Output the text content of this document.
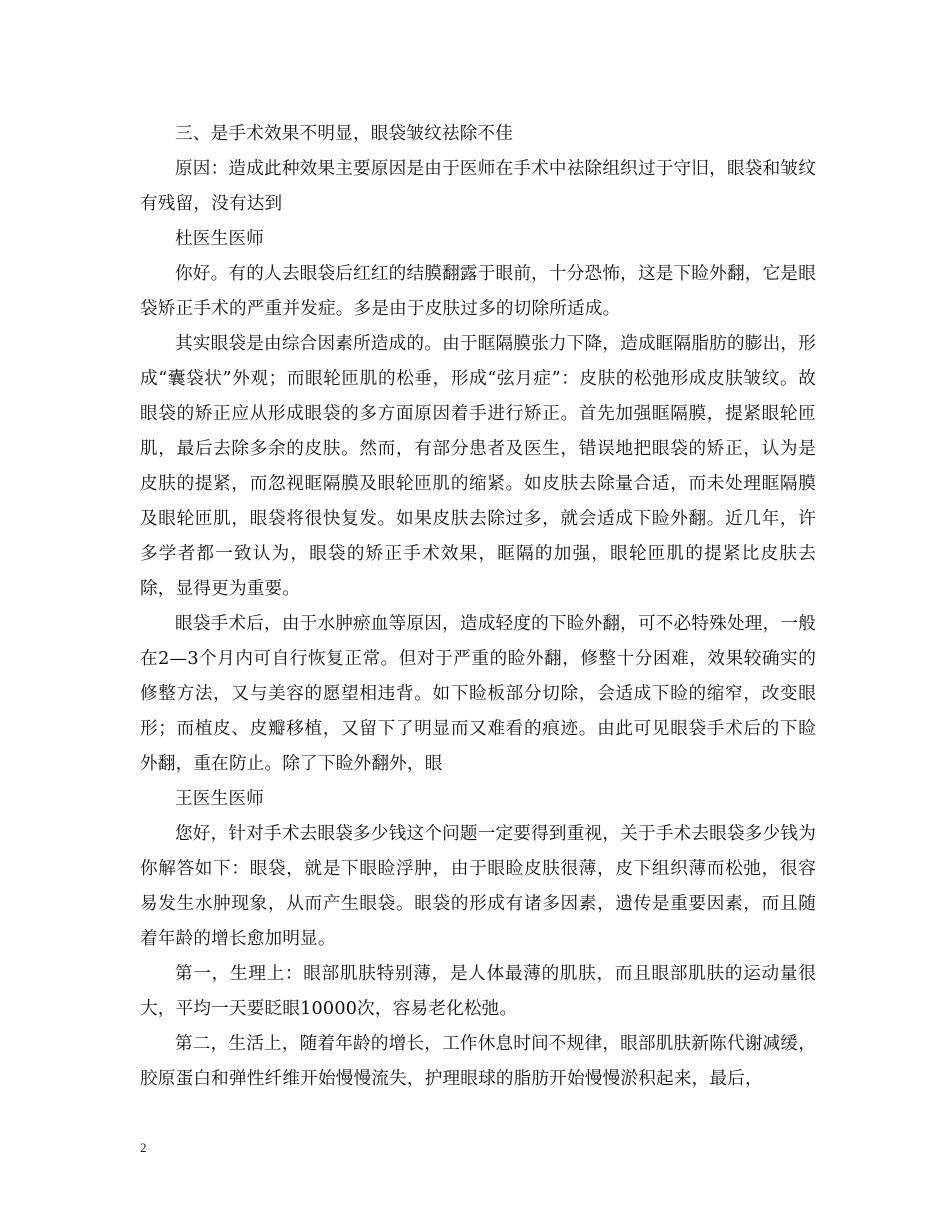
三、是手术效果不明显，眼袋皱纹祛除不佳

原因：造成此种效果主要原因是由于医师在手术中祛除组织过于守旧，眼袋和皱纹有残留，没有达到

杜医生医师

你好。有的人去眼袋后红红的结膜翻露于眼前，十分恐怖，这是下睑外翻，它是眼袋矫正手术的严重并发症。多是由于皮肤过多的切除所适成。

其实眼袋是由综合因素所造成的。由于眶隔膜张力下降，造成眶隔脂肪的膨出，形成“囊袋状”外观；而眼轮匝肌的松垂，形成“弦月症”：皮肤的松弛形成皮肤皱纹。故眼袋的矫正应从形成眼袋的多方面原因着手进行矫正。首先加强眶隔膜，提紧眼轮匝肌，最后去除多余的皮肤。然而，有部分患者及医生，错误地把眼袋的矫正，认为是皮肤的提紧，而忽视眶隔膜及眼轮匝肌的缩紧。如皮肤去除量合适，而未处理眶隔膜及眼轮匝肌，眼袋将很快复发。如果皮肤去除过多，就会适成下睑外翻。近几年，许多学者都一致认为，眼袋的矫正手术效果，眶隔的加强，眼轮匝肌的提紧比皮肤去除，显得更为重要。

眼袋手术后，由于水肿瘀血等原因，造成轻度的下睑外翻，可不必特殊处理，一般在2—3个月内可自行恢复正常。但对于严重的睑外翻，修整十分困难，效果较确实的修整方法，又与美容的愿望相违背。如下睑板部分切除，会适成下睑的缩窄，改变眼形；而植皮、皮瓣移植，又留下了明显而又难看的痕迹。由此可见眼袋手术后的下睑外翻，重在防止。除了下睑外翻外，眼

王医生医师

您好，针对手术去眼袋多少钱这个问题一定要得到重视，关于手术去眼袋多少钱为你解答如下：眼袋，就是下眼睑浮肿，由于眼睑皮肤很薄，皮下组织薄而松弛，很容易发生水肿现象，从而产生眼袋。眼袋的形成有诸多因素，遗传是重要因素，而且随着年龄的增长愈加明显。

第一，生理上：眼部肌肤特别薄，是人体最薄的肌肤，而且眼部肌肤的运动量很大，平均一天要眨眼10000次，容易老化松弛。

第二，生活上，随着年龄的增长，工作休息时间不规律，眼部肌肤新陈代谢减缓，胶原蛋白和弹性纤维开始慢慢流失，护理眼球的脂肪开始慢慢淤积起来，最后，

2
